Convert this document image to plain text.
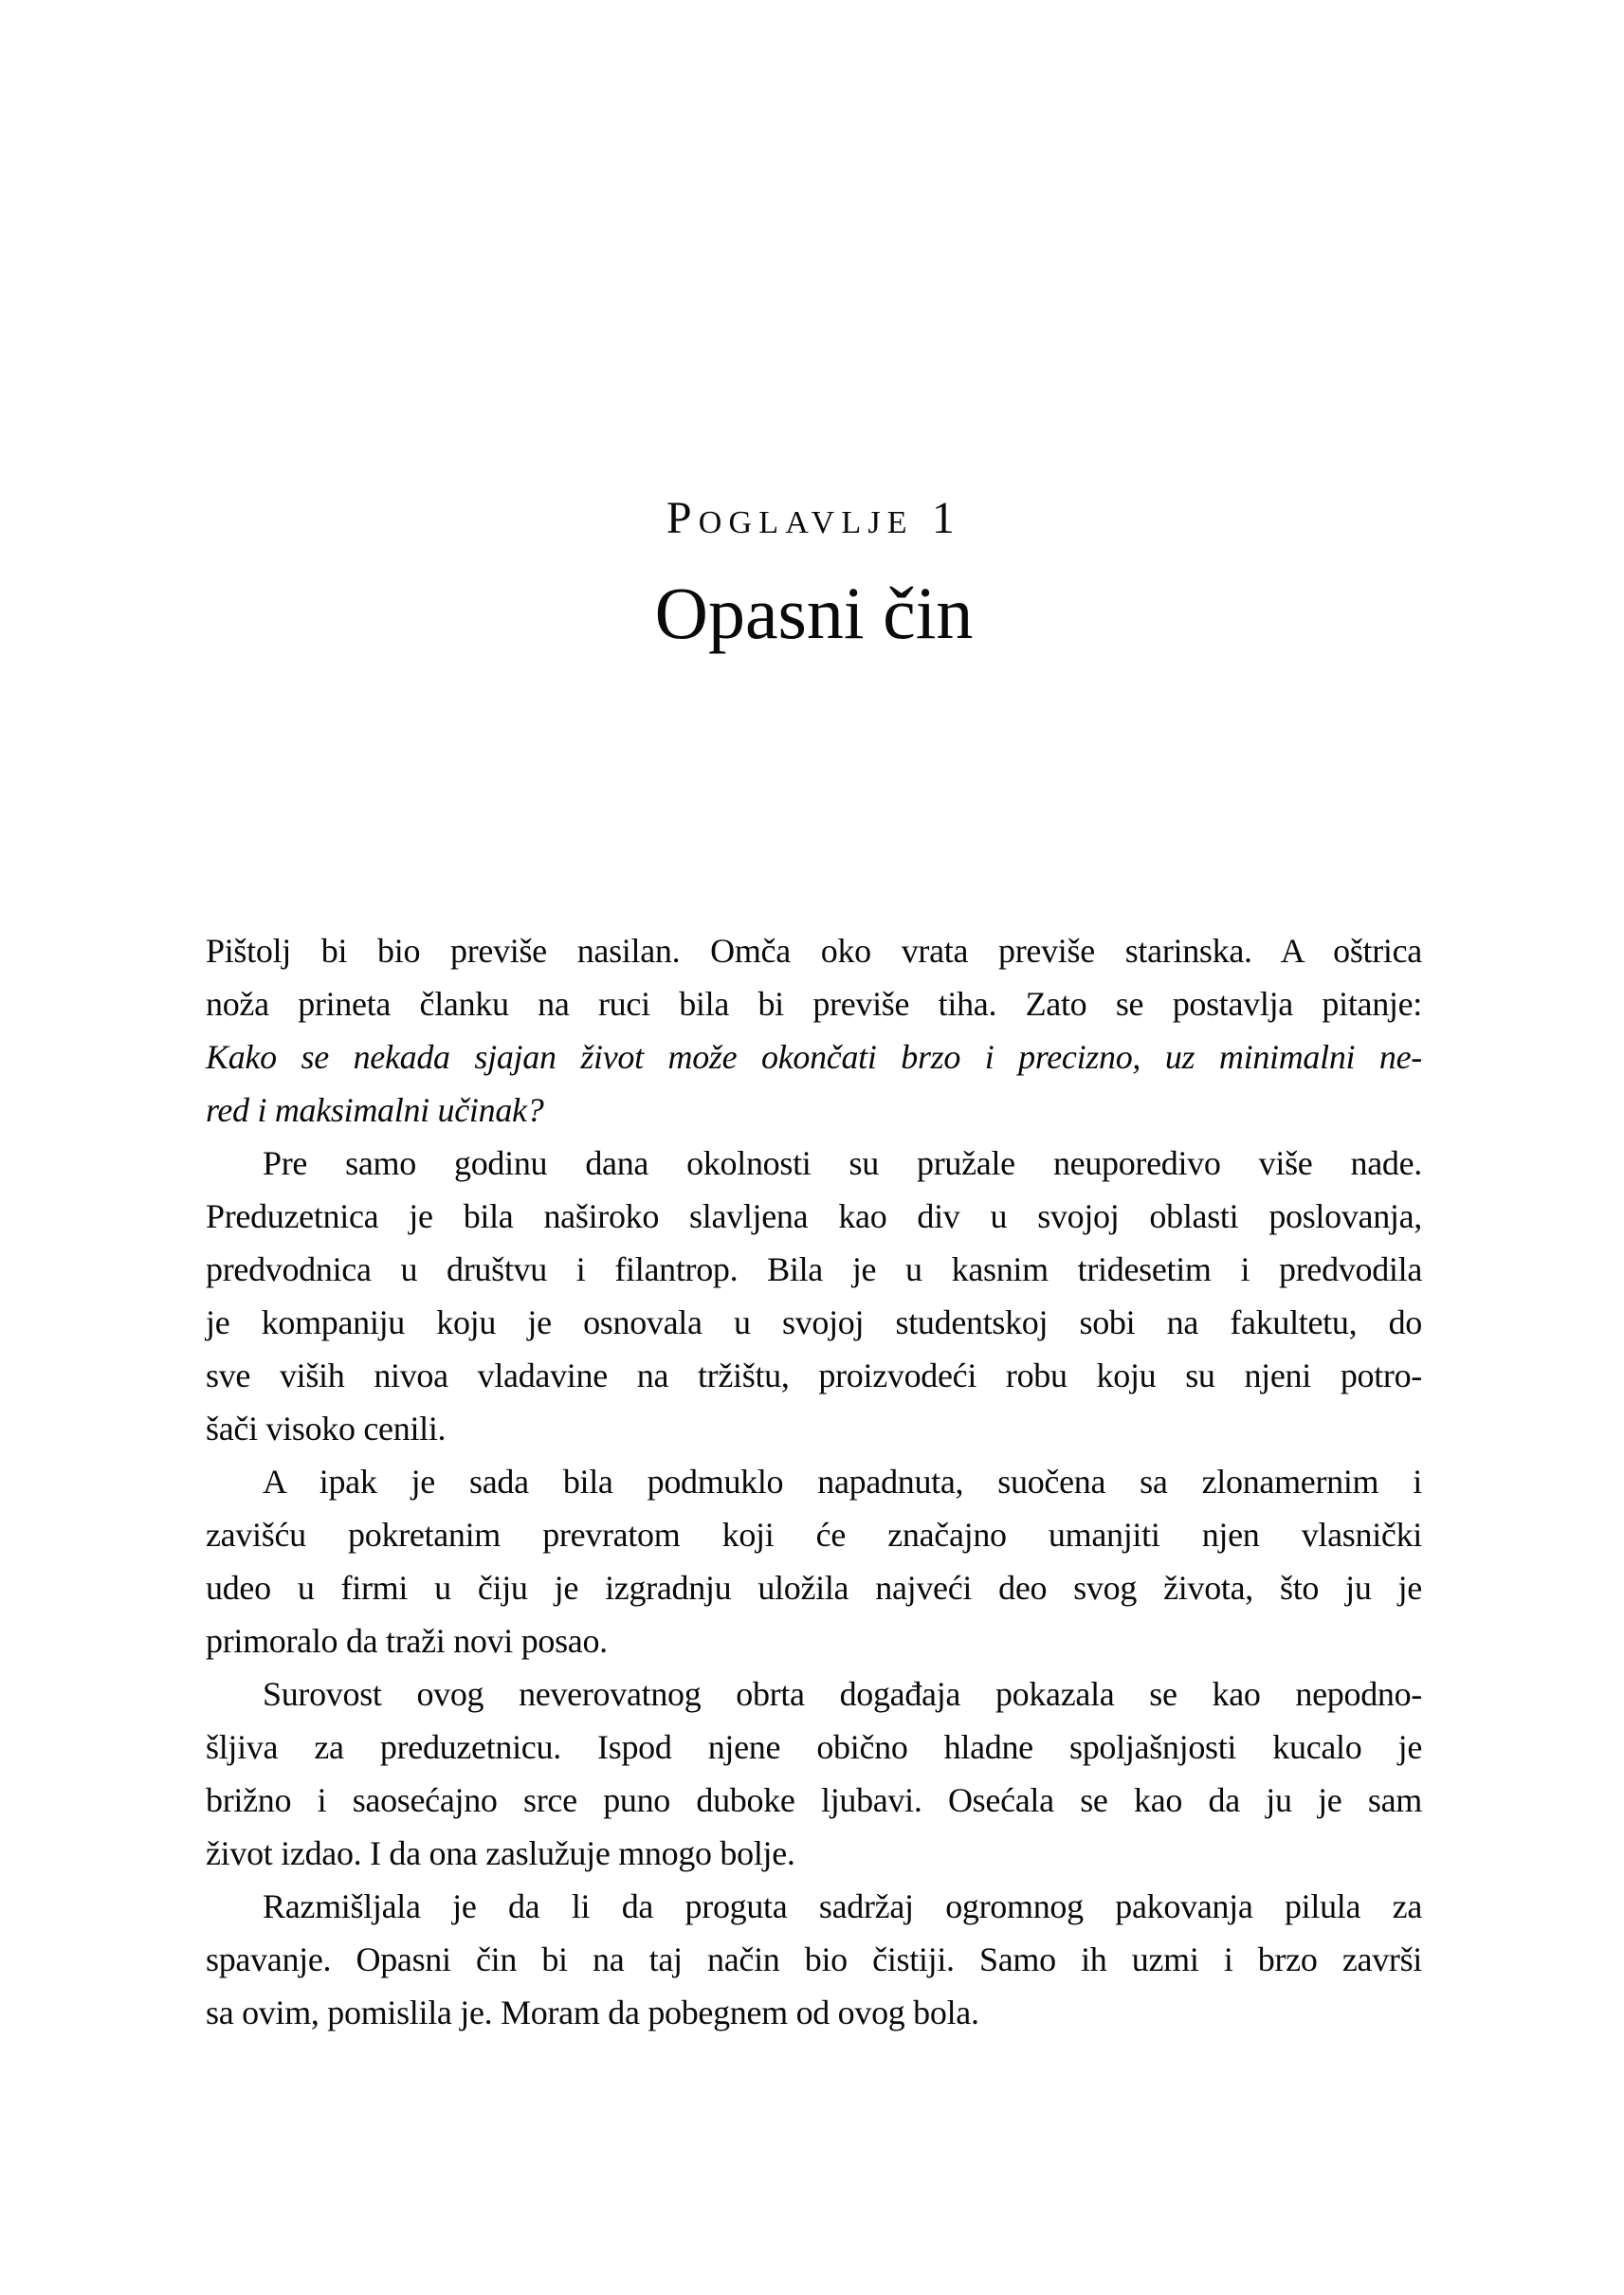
Poglavlje 1
Opasni čin
Pištolj bi bio previše nasilan. Omča oko vrata previše starinska. A oštrica
noža prineta članku na ruci bila bi previše tiha. Zato se postavlja pitanje:
Kako se nekada sjajan život može okončati brzo i precizno, uz minimalni ne-
red i maksimalni učinak?
Pre samo godinu dana okolnosti su pružale neuporedivo više nade.
Preduzetnica je bila naširoko slavljena kao div u svojoj oblasti poslovanja,
predvodnica u društvu i filantrop. Bila je u kasnim tridesetim i predvodila
je kompaniju koju je osnovala u svojoj studentskoj sobi na fakultetu, do
sve viših nivoa vladavine na tržištu, proizvodeći robu koju su njeni potro-
šači visoko cenili.
A ipak je sada bila podmuklo napadnuta, suočena sa zlonamernim i
zavišću pokretanim prevratom koji će značajno umanjiti njen vlasnički
udeo u firmi u čiju je izgradnju uložila najveći deo svog života, što ju je
primoralo da traži novi posao.
Surovost ovog neverovatnog obrta događaja pokazala se kao nepodno-
šljiva za preduzetnicu. Ispod njene obično hladne spoljašnjosti kucalo je
brižno i saosećajno srce puno duboke ljubavi. Osećala se kao da ju je sam
život izdao. I da ona zaslužuje mnogo bolje.
Razmišljala je da li da proguta sadržaj ogromnog pakovanja pilula za
spavanje. Opasni čin bi na taj način bio čistiji. Samo ih uzmi i brzo završi
sa ovim, pomislila je. Moram da pobegnem od ovog bola.
